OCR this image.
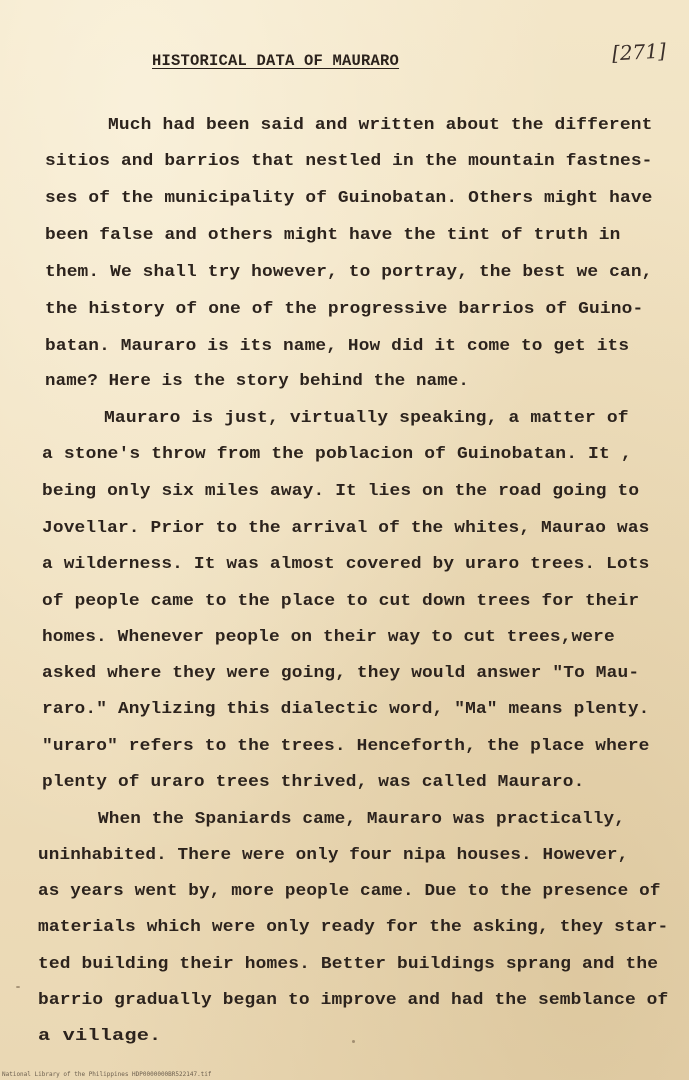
HISTORICAL DATA OF MAURARO	[271]
Much had been said and written about the different
sitios and barrios that nestled in the mountain fastnes-
ses of the municipality of Guinobatan. Others might have
been false and others might have the tint of truth in
them. We shall try however, to portray, the best we can,
the history of one of the progressive barrios of Guino-
batan. Mauraro is its name, How did it come to get its
name? Here is the story behind the name.
Mauraro is just, virtually speaking, a matter of
a stone's throw from the poblacion of Guinobatan. It ,
being only six miles away. It lies on the road going to
Jovellar. Prior to the arrival of the whites, Maurao was
a wilderness. It was almost covered by uraro trees. Lots
of people came to the place to cut down trees for their
homes. Whenever people on their way to cut trees,were
asked where they were going, they would answer "To Mau-
raro." Anylizing this dialectic word, "Ma" means plenty.
"uraro" refers to the trees. Henceforth, the place where
plenty of uraro trees thrived, was called Mauraro.
When the Spaniards came, Mauraro was practically,
uninhabited. There were only four nipa houses. However,
as years went by, more people came. Due to the presence of
materials which were only ready for the asking, they star-
ted building their homes. Better buildings sprang and the
barrio gradually began to improve and had the semblance of
a village.
National Library of the Philippines HDP0000000BR522147.tif
